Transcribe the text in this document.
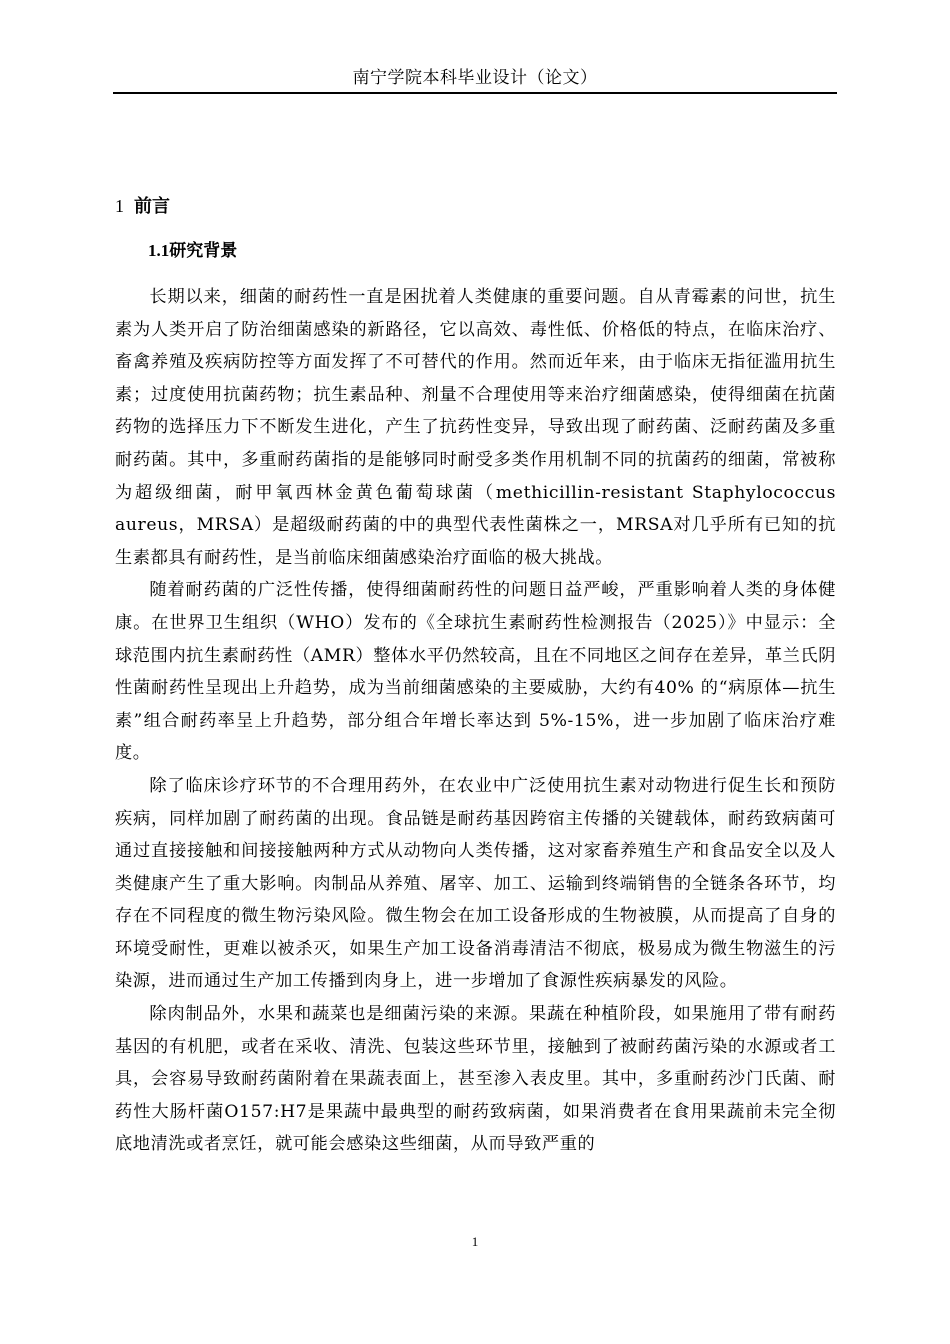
南宁学院本科毕业设计（论文）
1 前言
1.1研究背景

长期以来，细菌的耐药性一直是困扰着人类健康的重要问题。自从青霉素的问世，抗生素为人类开启了防治细菌感染的新路径，它以高效、毒性低、价格低的特点，在临床治疗、畜禽养殖及疾病防控等方面发挥了不可替代的作用。然而近年来，由于临床无指征滥用抗生素；过度使用抗菌药物；抗生素品种、剂量不合理使用等来治疗细菌感染，使得细菌在抗菌药物的选择压力下不断发生进化，产生了抗药性变异，导致出现了耐药菌、泛耐药菌及多重耐药菌。其中，多重耐药菌指的是能够同时耐受多类作用机制不同的抗菌药的细菌，常被称为超级细菌，耐甲氧西林金黄色葡萄球菌（methicillin-resistant Staphylococcus aureus，MRSA）是超级耐药菌的中的典型代表性菌株之一，MRSA对几乎所有已知的抗生素都具有耐药性，是当前临床细菌感染治疗面临的极大挑战。

随着耐药菌的广泛性传播，使得细菌耐药性的问题日益严峻，严重影响着人类的身体健康。在世界卫生组织（WHO）发布的《全球抗生素耐药性检测报告（2025）》中显示：全球范围内抗生素耐药性（AMR）整体水平仍然较高，且在不同地区之间存在差异，革兰氏阴性菌耐药性呈现出上升趋势，成为当前细菌感染的主要威胁，大约有40% 的“病原体—抗生素”组合耐药率呈上升趋势，部分组合年增长率达到 5%-15%，进一步加剧了临床治疗难度。

除了临床诊疗环节的不合理用药外，在农业中广泛使用抗生素对动物进行促生长和预防疾病，同样加剧了耐药菌的出现。食品链是耐药基因跨宿主传播的关键载体，耐药致病菌可通过直接接触和间接接触两种方式从动物向人类传播，这对家畜养殖生产和食品安全以及人类健康产生了重大影响。肉制品从养殖、屠宰、加工、运输到终端销售的全链条各环节，均存在不同程度的微生物污染风险。微生物会在加工设备形成的生物被膜，从而提高了自身的环境受耐性，更难以被杀灭，如果生产加工设备消毒清洁不彻底，极易成为微生物滋生的污染源，进而通过生产加工传播到肉身上，进一步增加了食源性疾病暴发的风险。

除肉制品外，水果和蔬菜也是细菌污染的来源。果蔬在种植阶段，如果施用了带有耐药基因的有机肥，或者在采收、清洗、包装这些环节里，接触到了被耐药菌污染的水源或者工具，会容易导致耐药菌附着在果蔬表面上，甚至渗入表皮里。其中，多重耐药沙门氏菌、耐药性大肠杆菌O157:H7是果蔬中最典型的耐药致病菌，如果消费者在食用果蔬前未完全彻底地清洗或者烹饪，就可能会感染这些细菌，从而导致严重的

1
